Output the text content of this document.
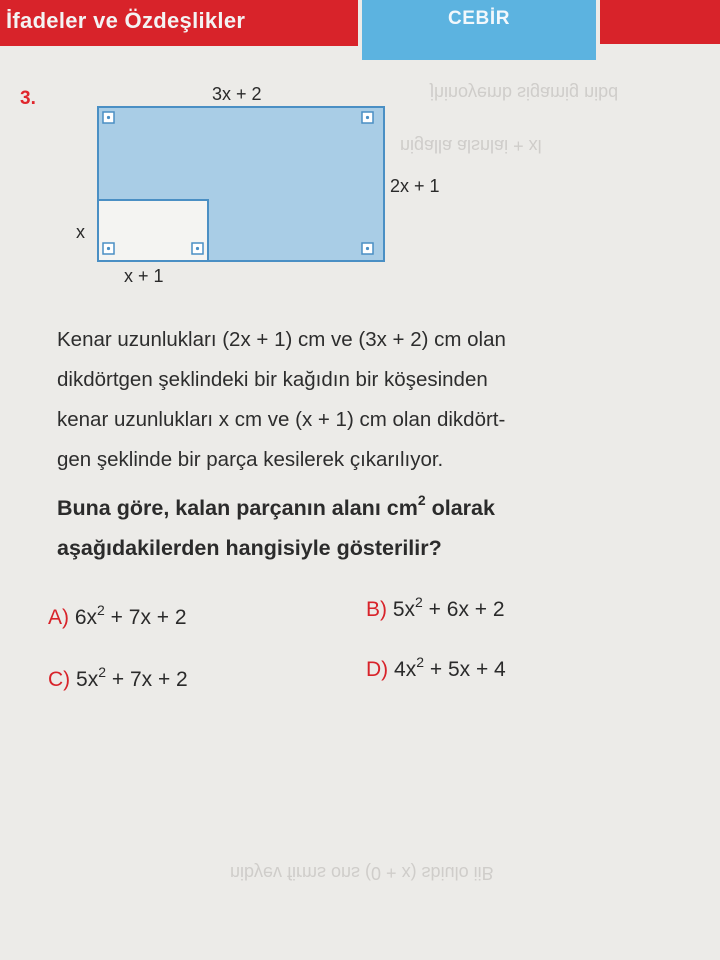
İfadeler ve Özdeşlikler	CEBİR
jhinoyemb sigamig nibd
nigalla alsnlai + xl
nibyev firms ons (0 + x) sbiulo iiB
3.	3x + 2
2x + 1
x
x + 1

Kenar uzunlukları (2x + 1) cm ve (3x + 2) cm olan

dikdörtgen şeklindeki bir kağıdın bir köşesinden

kenar uzunlukları x cm ve (x + 1) cm olan dikdört-

gen şeklinde bir parça kesilerek çıkarılıyor.

Buna göre, kalan parçanın alanı $cm^2$ olarak

aşağıdakilerden hangisiyle gösterilir?

A) $6x^2 + 7x + 2$	B) $5x^2 + 6x + 2$
C) $5x^2 + 7x + 2$	D) $4x^2 + 5x + 4$
